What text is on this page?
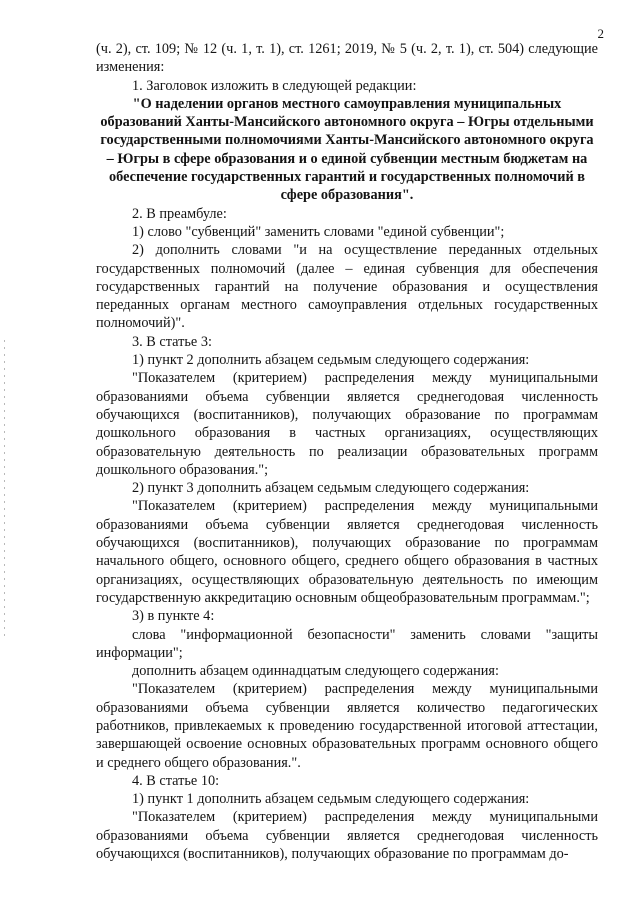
2

(ч. 2), ст. 109; № 12 (ч. 1, т. 1), ст. 1261; 2019, № 5 (ч. 2, т. 1), ст. 504) следующие изменения:

1. Заголовок изложить в следующей редакции:

"О наделении органов местного самоуправления муниципальных образований Ханты-Мансийского автономного округа – Югры отдельными государственными полномочиями Ханты-Мансийского автономного округа – Югры в сфере образования и о единой субвенции местным бюджетам на обеспечение государственных гарантий и государственных полномочий в сфере образования".

2. В преамбуле:

1) слово "субвенций" заменить словами "единой субвенции";

2) дополнить словами "и на осуществление переданных отдельных государственных полномочий (далее – единая субвенция для обеспечения государственных гарантий на получение образования и осуществления переданных органам местного самоуправления отдельных государственных полномочий)".

3. В статье 3:

1) пункт 2 дополнить абзацем седьмым следующего содержания:

"Показателем (критерием) распределения между муниципальными образованиями объема субвенции является среднегодовая численность обучающихся (воспитанников), получающих образование по программам дошкольного образования в частных организациях, осуществляющих образовательную деятельность по реализации образовательных программ дошкольного образования.";

2) пункт 3 дополнить абзацем седьмым следующего содержания:

"Показателем (критерием) распределения между муниципальными образованиями объема субвенции является среднегодовая численность обучающихся (воспитанников), получающих образование по программам начального общего, основного общего, среднего общего образования в частных организациях, осуществляющих образовательную деятельность по имеющим государственную аккредитацию основным общеобразовательным программам.";

3) в пункте 4:

слова "информационной безопасности" заменить словами "защиты информации";

дополнить абзацем одиннадцатым следующего содержания:

"Показателем (критерием) распределения между муниципальными образованиями объема субвенции является количество педагогических работников, привлекаемых к проведению государственной итоговой аттестации, завершающей освоение основных образовательных программ основного общего и среднего общего образования.".

4. В статье 10:

1) пункт 1 дополнить абзацем седьмым следующего содержания:

"Показателем (критерием) распределения между муниципальными образованиями объема субвенции является среднегодовая численность обучающихся (воспитанников), получающих образование по программам до-
